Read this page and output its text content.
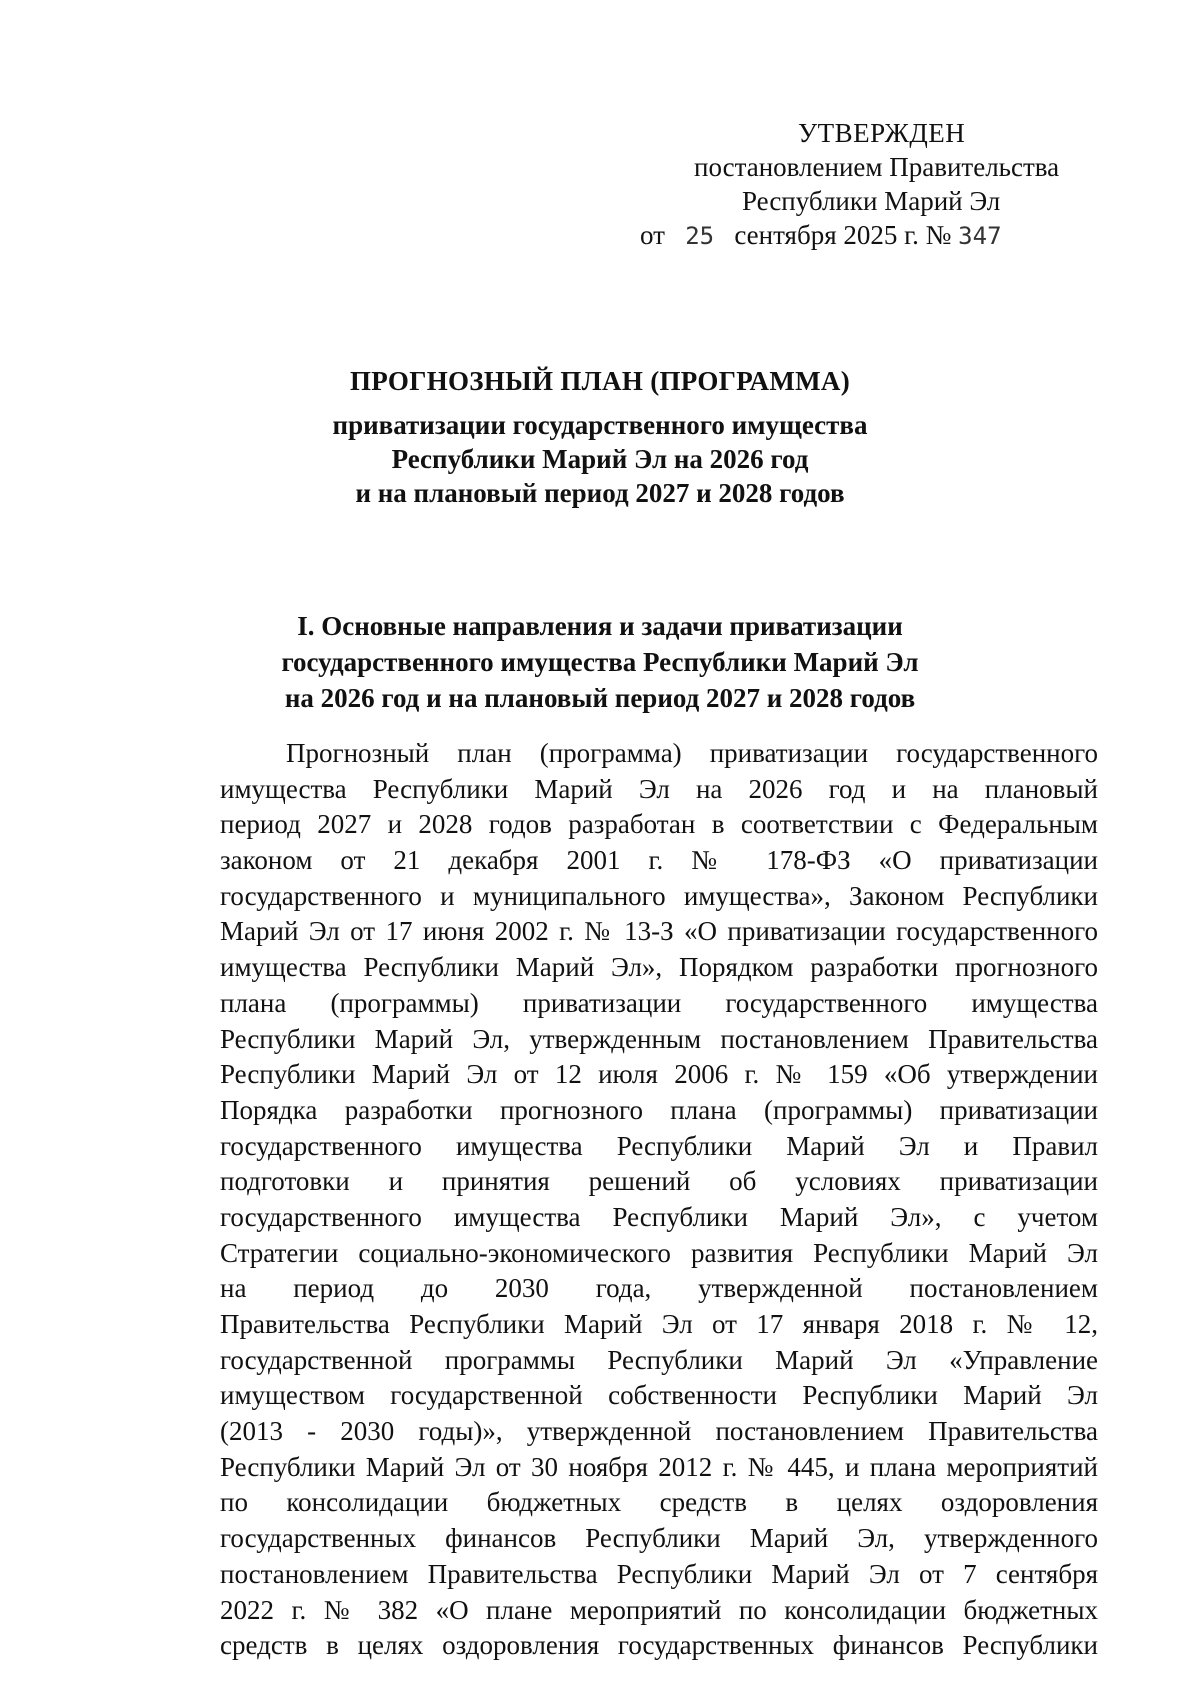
УТВЕРЖДЕН
постановлением Правительства
Республики Марий Эл
от 25 сентября 2025 г. № 347
ПРОГНОЗНЫЙ ПЛАН (ПРОГРАММА)
приватизации государственного имущества
Республики Марий Эл на 2026 год
и на плановый период 2027 и 2028 годов
I. Основные направления и задачи приватизации
государственного имущества Республики Марий Эл
на 2026 год и на плановый период 2027 и 2028 годов
Прогнозный план (программа) приватизации государственного
имущества Республики Марий Эл на 2026 год и на плановый
период 2027 и 2028 годов разработан в соответствии с Федеральным
законом от 21 декабря 2001 г. № 178-ФЗ «О приватизации
государственного и муниципального имущества», Законом Республики
Марий Эл от 17 июня 2002 г. № 13-З «О приватизации государственного
имущества Республики Марий Эл», Порядком разработки прогнозного
плана (программы) приватизации государственного имущества
Республики Марий Эл, утвержденным постановлением Правительства
Республики Марий Эл от 12 июля 2006 г. № 159 «Об утверждении
Порядка разработки прогнозного плана (программы) приватизации
государственного имущества Республики Марий Эл и Правил
подготовки и принятия решений об условиях приватизации
государственного имущества Республики Марий Эл», с учетом
Стратегии социально-экономического развития Республики Марий Эл
на период до 2030 года, утвержденной постановлением
Правительства Республики Марий Эл от 17 января 2018 г. № 12,
государственной программы Республики Марий Эл «Управление
имуществом государственной собственности Республики Марий Эл
(2013 - 2030 годы)», утвержденной постановлением Правительства
Республики Марий Эл от 30 ноября 2012 г. № 445, и плана мероприятий
по консолидации бюджетных средств в целях оздоровления
государственных финансов Республики Марий Эл, утвержденного
постановлением Правительства Республики Марий Эл от 7 сентября
2022 г. № 382 «О плане мероприятий по консолидации бюджетных
средств в целях оздоровления государственных финансов Республики
